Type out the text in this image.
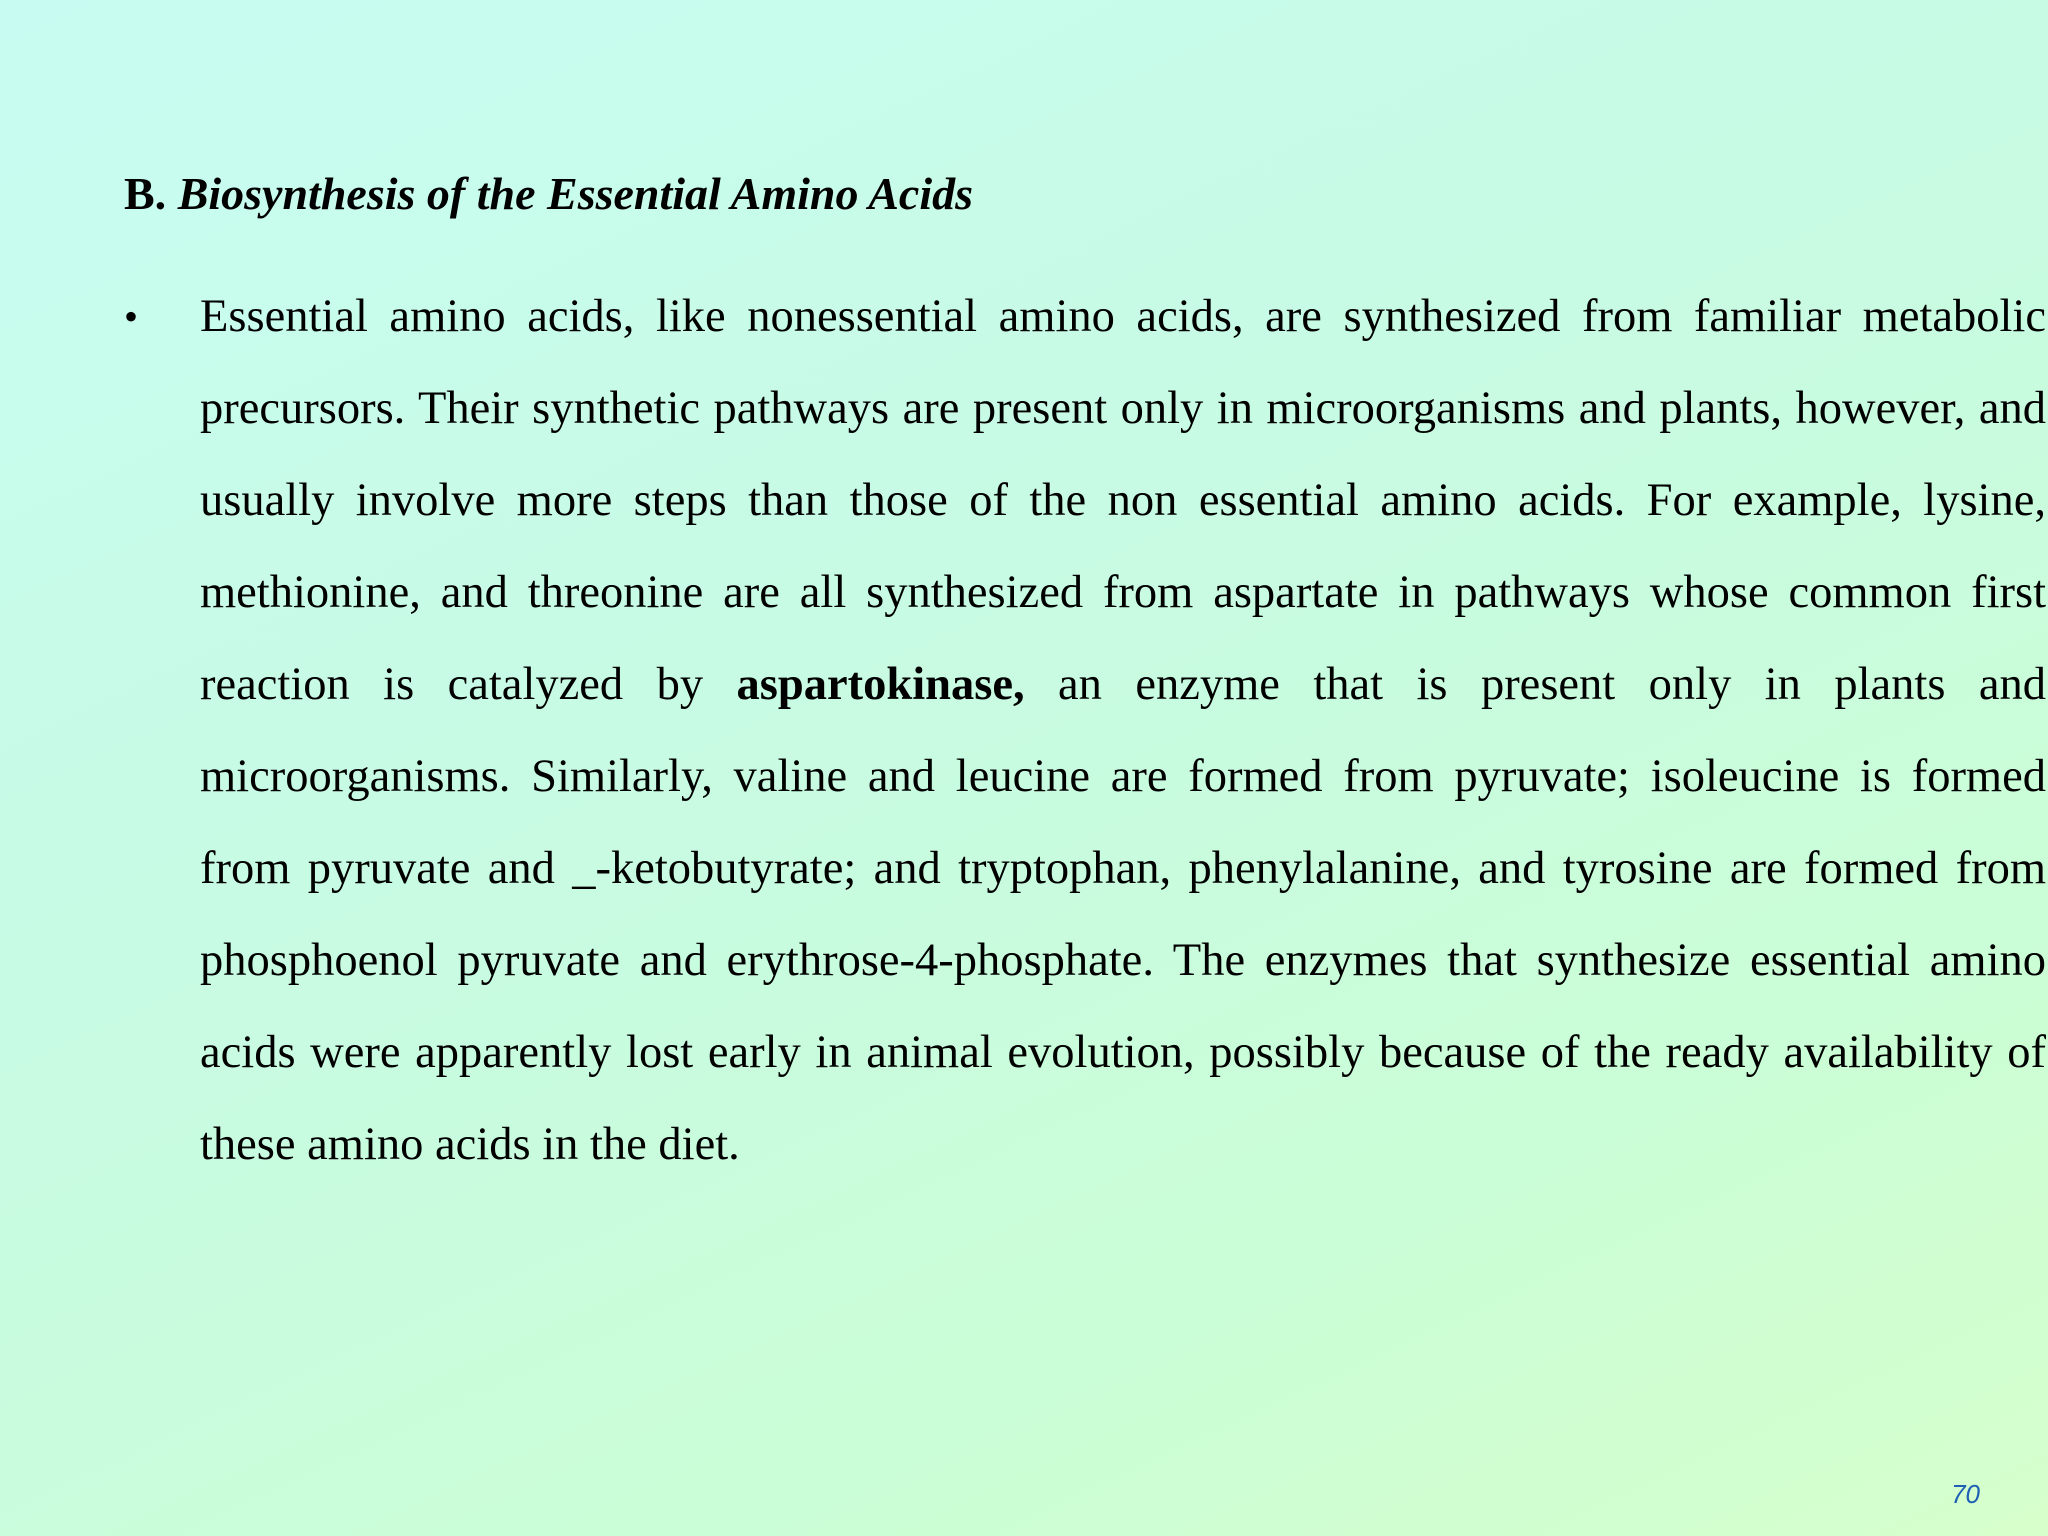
B. Biosynthesis of the Essential Amino Acids
• Essential amino acids, like nonessential amino acids, are synthesized from familiar metabolic precursors. Their synthetic pathways are present only in microorganisms and plants, however, and usually involve more steps than those of the non essential amino acids. For example, lysine, methionine, and threonine are all synthesized from aspartate in pathways whose common first reaction is catalyzed by aspartokinase, an enzyme that is present only in plants and microorganisms. Similarly, valine and leucine are formed from pyruvate; isoleucine is formed from pyruvate and _-ketobutyrate; and tryptophan, phenylalanine, and tyrosine are formed from phosphoenol pyruvate and erythrose-4-phosphate. The enzymes that synthesize essential amino acids were apparently lost early in animal evolution, possibly because of the ready availability of these amino acids in the diet.

70
